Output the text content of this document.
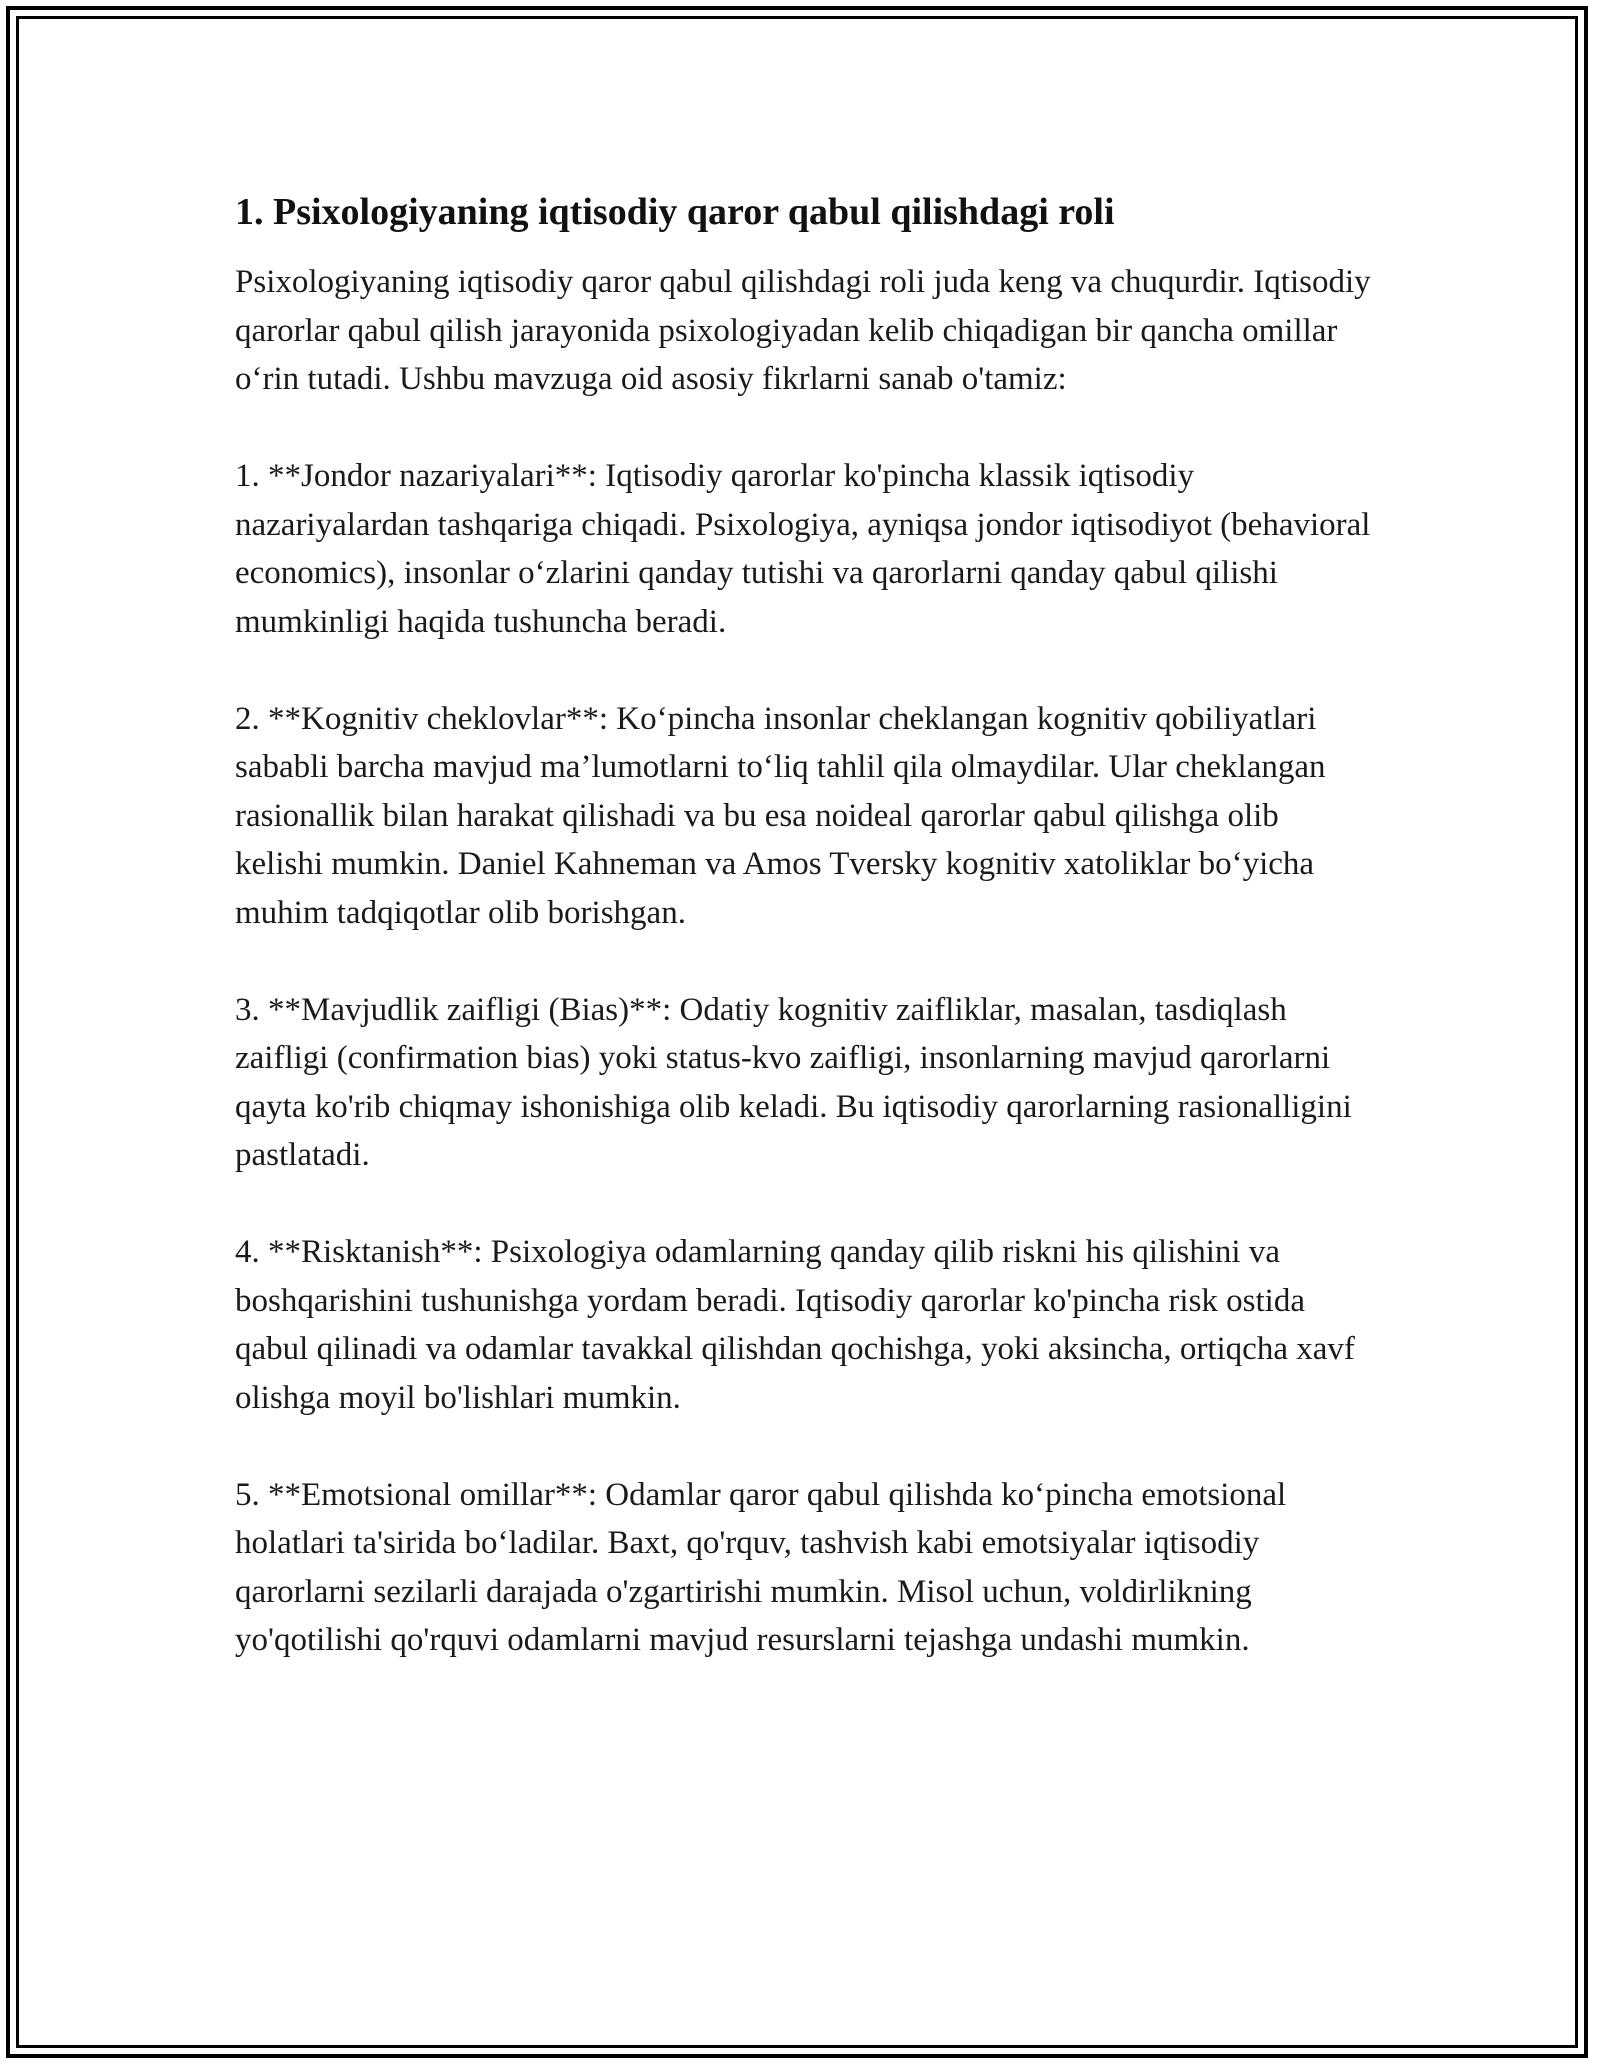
1. Psixologiyaning iqtisodiy qaror qabul qilishdagi roli

Psixologiyaning iqtisodiy qaror qabul qilishdagi roli juda keng va chuqurdir. Iqtisodiy qarorlar qabul qilish jarayonida psixologiyadan kelib chiqadigan bir qancha omillar o‘rin tutadi. Ushbu mavzuga oid asosiy fikrlarni sanab o'tamiz:

1. **Jondor nazariyalari**: Iqtisodiy qarorlar ko'pincha klassik iqtisodiy nazariyalardan tashqariga chiqadi. Psixologiya, ayniqsa jondor iqtisodiyot (behavioral economics), insonlar o‘zlarini qanday tutishi va qarorlarni qanday qabul qilishi mumkinligi haqida tushuncha beradi.

2. **Kognitiv cheklovlar**: Ko‘pincha insonlar cheklangan kognitiv qobiliyatlari sababli barcha mavjud ma’lumotlarni to‘liq tahlil qila olmaydilar. Ular cheklangan rasionallik bilan harakat qilishadi va bu esa noideal qarorlar qabul qilishga olib kelishi mumkin. Daniel Kahneman va Amos Tversky kognitiv xatoliklar bo‘yicha muhim tadqiqotlar olib borishgan.

3. **Mavjudlik zaifligi (Bias)**: Odatiy kognitiv zaifliklar, masalan, tasdiqlash zaifligi (confirmation bias) yoki status-kvo zaifligi, insonlarning mavjud qarorlarni qayta ko'rib chiqmay ishonishiga olib keladi. Bu iqtisodiy qarorlarning rasionalligini pastlatadi.

4. **Risktanish**: Psixologiya odamlarning qanday qilib riskni his qilishini va boshqarishini tushunishga yordam beradi. Iqtisodiy qarorlar ko'pincha risk ostida qabul qilinadi va odamlar tavakkal qilishdan qochishga, yoki aksincha, ortiqcha xavf olishga moyil bo'lishlari mumkin.

5. **Emotsional omillar**: Odamlar qaror qabul qilishda ko‘pincha emotsional holatlari ta'sirida bo‘ladilar. Baxt, qo'rquv, tashvish kabi emotsiyalar iqtisodiy qarorlarni sezilarli darajada o'zgartirishi mumkin. Misol uchun, voldirlikning yo'qotilishi qo'rquvi odamlarni mavjud resurslarni tejashga undashi mumkin.
